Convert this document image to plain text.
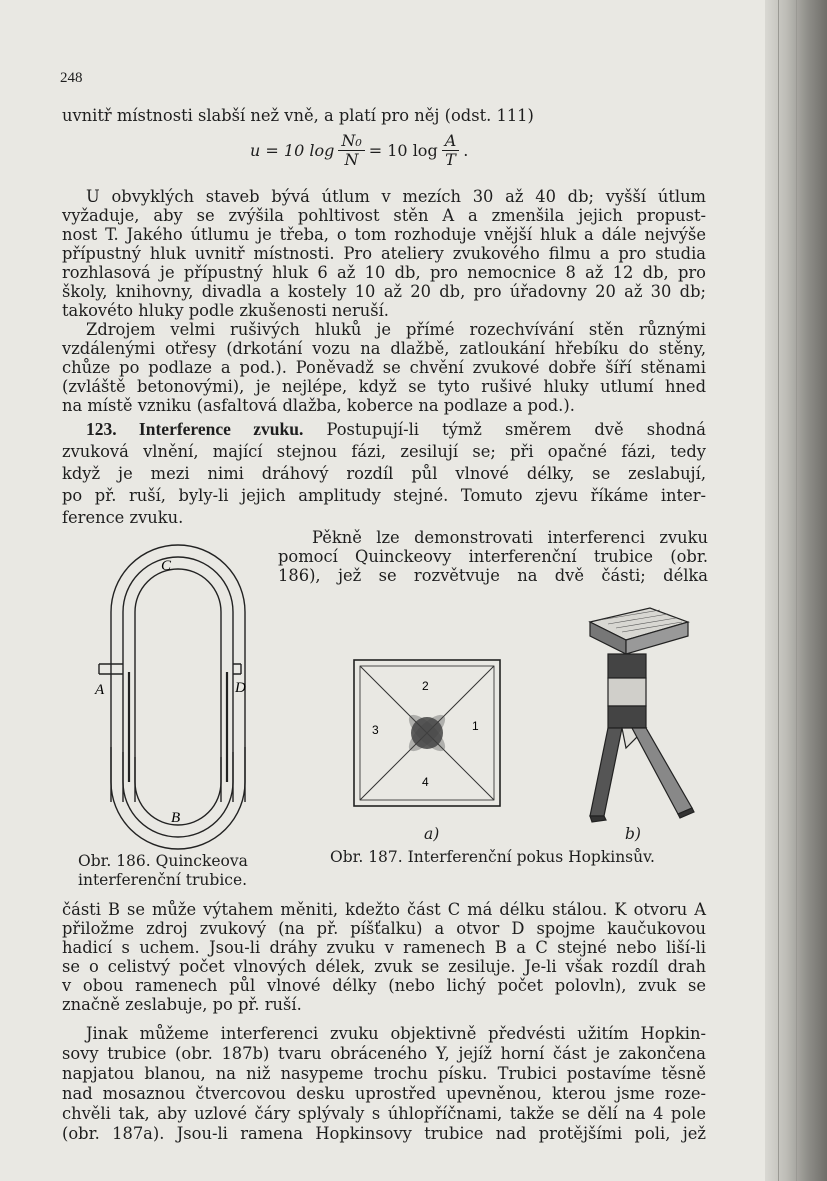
248

uvnitř místnosti slabší než vně, a platí pro něj (odst. 111)

u = 10 $\log \frac{\text{N₀}}{N} = 10$ $\log \frac{A}{T}$ .

U obvyklých staveb bývá útlum v mezích 30 až 40 db; vyšší útlum

vyžaduje, aby se zvýšila pohltivost stěn A a zmenšila jejich propust-

nost T. Jakého útlumu je třeba, o tom rozhoduje vnější hluk a dále nejvýše

přípustný hluk uvnitř místnosti. Pro ateliery zvukového filmu a pro studia

rozhlasová je přípustný hluk 6 až 10 db, pro nemocnice 8 až 12 db, pro

školy, knihovny, divadla a kostely 10 až 20 db, pro úřadovny 20 až 30 db;

takovéto hluky podle zkušenosti neruší.

Zdrojem velmi rušivých hluků je přímé rozechvívání stěn různými

vzdálenými otřesy (drkotání vozu na dlažbě, zatloukání hřebíku do stěny,

chůze po podlaze a pod.). Poněvadž se chvění zvukové dobře šíří stěnami

(zvláště betonovými), je nejlépe, když se tyto rušivé hluky utlumí hned

na místě vzniku (asfaltová dlažba, koberce na podlaze a pod.).

123. Interference zvuku. Postupují-li týmž směrem dvě shodná

zvuková vlnění, mající stejnou fázi, zesilují se; při opačné fázi, tedy

když je mezi nimi dráhový rozdíl půl vlnové délky, se zeslabují,

po př. ruší, byly-li jejich amplitudy stejné. Tomuto zjevu říkáme inter-

ference zvuku.

Pěkně lze demonstrovati interferenci zvuku

pomocí Quinckeovy interferenční trubice (obr.

186), jež se rozvětvuje na dvě části; délka

C
A	D
B
2
1
4
3
a)	b)
Obr. 186. Quinckeova
interferenční trubice.
Obr. 187. Interferenční pokus Hopkinsův.

části B se může výtahem měniti, kdežto část C má délku stálou. K otvoru A

přiložme zdroj zvukový (na př. píšťalku) a otvor D spojme kaučukovou

hadicí s uchem. Jsou-li dráhy zvuku v ramenech B a C stejné nebo liší-li

se o celistvý počet vlnových délek, zvuk se zesiluje. Je-li však rozdíl drah

v obou ramenech půl vlnové délky (nebo lichý počet polovln), zvuk se

značně zeslabuje, po př. ruší.

Jinak můžeme interferenci zvuku objektivně předvésti užitím Hopkin-

sovy trubice (obr. 187b) tvaru obráceného Y, jejíž horní část je zakončena

napjatou blanou, na niž nasypeme trochu písku. Trubici postavíme těsně

nad mosaznou čtvercovou desku uprostřed upevněnou, kterou jsme roze-

chvěli tak, aby uzlové čáry splývaly s úhlopříčnami, takže se dělí na 4 pole

(obr. 187a). Jsou-li ramena Hopkinsovy trubice nad protějšími poli, jež
